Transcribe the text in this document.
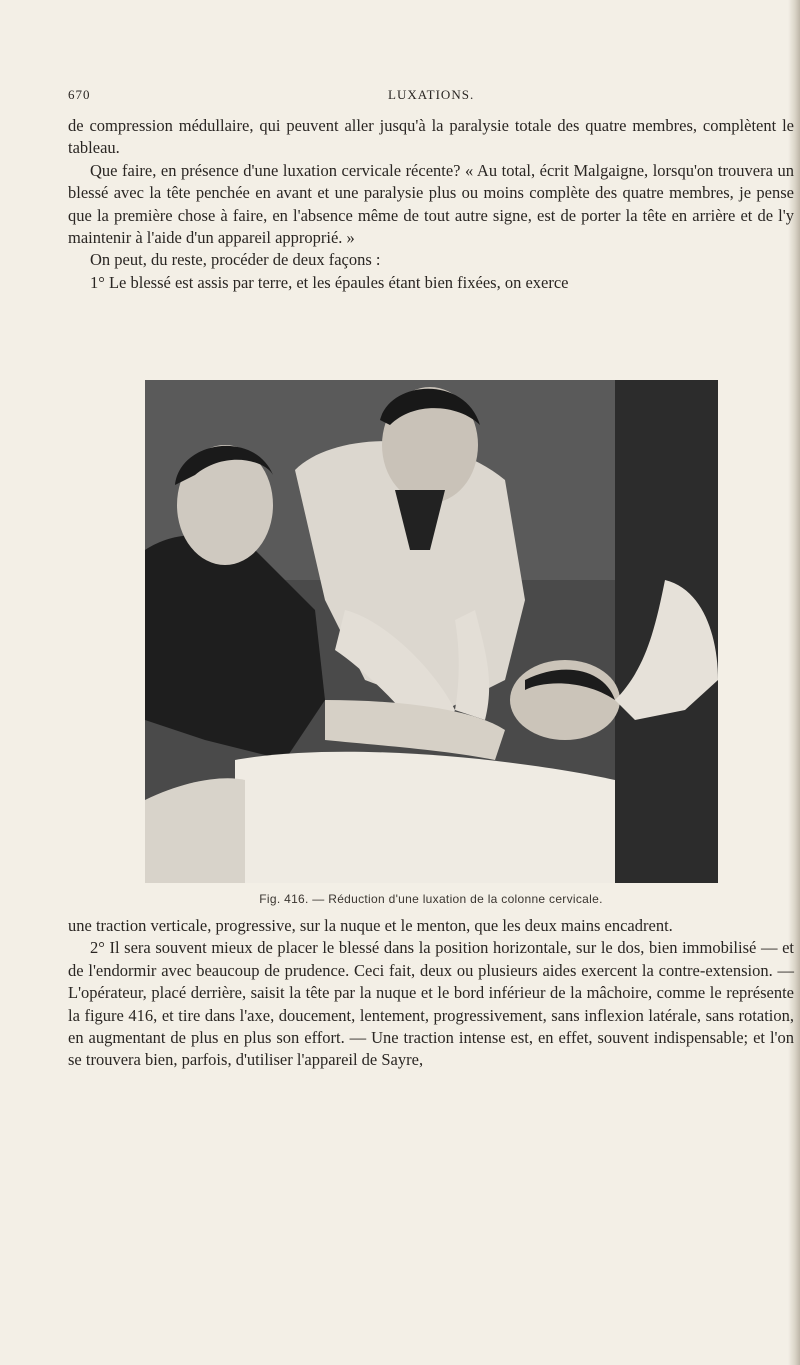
670	LUXATIONS.

de compression médullaire, qui peuvent aller jusqu'à la paralysie totale des quatre membres, complètent le tableau.

Que faire, en présence d'une luxation cervicale récente? « Au total, écrit Malgaigne, lorsqu'on trouvera un blessé avec la tête penchée en avant et une paralysie plus ou moins complète des quatre membres, je pense que la première chose à faire, en l'absence même de tout autre signe, est de porter la tête en arrière et de l'y maintenir à l'aide d'un appareil approprié. »

On peut, du reste, procéder de deux façons :

1° Le blessé est assis par terre, et les épaules étant bien fixées, on exerce

Fig. 416. — Réduction d'une luxation de la colonne cervicale.

une traction verticale, progressive, sur la nuque et le menton, que les deux mains encadrent.

2° Il sera souvent mieux de placer le blessé dans la position horizontale, sur le dos, bien immobilisé — et de l'endormir avec beaucoup de prudence. Ceci fait, deux ou plusieurs aides exercent la contre-extension. — L'opérateur, placé derrière, saisit la tête par la nuque et le bord inférieur de la mâchoire, comme le représente la figure 416, et tire dans l'axe, doucement, lentement, progressivement, sans inflexion latérale, sans rotation, en augmentant de plus en plus son effort. — Une traction intense est, en effet, souvent indispensable; et l'on se trouvera bien, parfois, d'utiliser l'appareil de Sayre,
